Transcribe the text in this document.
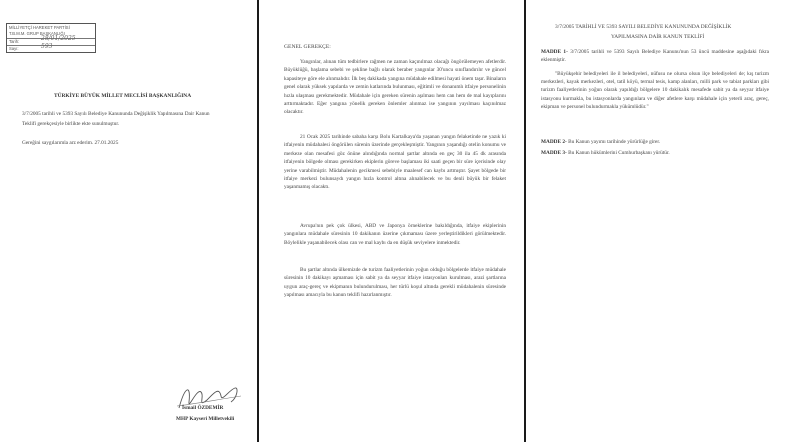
MİLLİYETÇİ HAREKET PARTİSİ
T.B.M.M. GRUP BAŞKANLIĞI
Tarih:	28/01/2025
Sayı:	593
TÜRKİYE BÜYÜK MİLLET MECLİSİ BAŞKANLIĞINA
3/7/2005 tarihli ve 5393 Sayılı Belediye Kanununda Değişiklik Yapılmasına Dair Kanun
Teklifi gerekçesiyle birlikte ekte sunulmuştur.
Gereğini saygılarımla arz ederim. 27.01.2025
İsmail ÖZDEMİR
MHP Kayseri Milletvekili
GENEL GEREKÇE:
Yangınlar, alınan tüm tedbirlere rağmen ne zaman kaçınılmaz olacağı öngörülemeyen afetlerdir. Büyüklüğü, başlama sebebi ve şekline bağlı olarak beraber yangınlar 30'uncu sınıflandırılır ve güncel kapasiteye göre ele alınmalıdır. İlk beş dakikada yangına müdahale edilmesi hayati önem taşır. Binaların genel olarak yüksek yapılarda ve zemin katlarında bulunması, eğitimli ve donanımlı itfaiye personelinin hızla ulaşması gerekmektedir. Müdahale için gereken sürenin aşılması hem can hem de mal kayıplarını arttırmaktadır. Eğer yangına yönelik gereken önlemler alınmaz ise yangının yayılması kaçınılmaz olacaktır.
21 Ocak 2025 tarihinde sabaha karşı Bolu Kartalkaya'da yaşanan yangın felaketinde ne yazık ki itfaiyenin müdahalesi öngörülen sürenin üzerinde gerçekleşmiştir. Yangının yaşandığı otelin konumu ve merkeze olan mesafesi göz önüne alındığında normal şartlar altında en geç 30 ila 45 dk arasında itfaiyenin bölgede olması gerekirken ekiplerin göreve başlaması iki saati geçen bir süre içerisinde olay yerine varabilmiştir. Müdahalenin gecikmesi sebebiyle maalesef can kaybı artmıştır. Şayet bölgede bir itfaiye merkezi bulunsaydı yangın hızla kontrol altına alınabilecek ve bu denli büyük bir felaket yaşanmamış olacaktı.
Avrupa'nın pek çok ülkesi, ABD ve Japonya örneklerine bakıldığında, itfaiye ekiplerinin yangınlara müdahale süresinin 10 dakikanın üzerine çıkmaması üzere yerleştirildikleri görülmektedir. Böylelikle yaşanabilecek olası can ve mal kaybı da en düşük seviyelere inmektedir.
Bu şartlar altında ülkemizde de turizm faaliyetlerinin yoğun olduğu bölgelerde itfaiye müdahale süresinin 10 dakikayı aşmaması için sabit ya da seyyar itfaiye istasyonları kurulması, arazi şartlarına uygun araç-gereç ve ekipmanın bulundurulması, her türlü koşul altında gerekli müdahalenin süresinde yapılması amacıyla bu kanun teklifi hazırlanmıştır.
3/7/2005 TARİHLİ VE 5393 SAYILI BELEDİYE KANUNUNDA DEĞİŞİKLİK
YAPILMASINA DAİR KANUN TEKLİFİ
MADDE 1- 3/7/2005 tarihli ve 5393 Sayılı Belediye Kanunu'nun 53 üncü maddesine aşağıdaki fıkra eklenmiştir.
"Büyükşehir belediyeleri ile il belediyeleri, nüfusu ne olursa olsun ilçe belediyeleri de; kış turizm merkezleri, kayak merkezleri, otel, tatil köyü, termal tesis, kamp alanları, milli park ve tabiat parkları gibi turizm faaliyetlerinin yoğun olarak yapıldığı bölgelere 10 dakikalık mesafede sabit ya da seyyar itfaiye istasyonu kurmakla, bu istasyonlarda yangınlara ve diğer afetlere karşı müdahale için yeterli araç, gereç, ekipman ve personel bulundurmakla yükümlüdür."
MADDE 2- Bu Kanun yayımı tarihinde yürürlüğe girer.
MADDE 3- Bu Kanun hükümlerini Cumhurbaşkanı yürütür.
